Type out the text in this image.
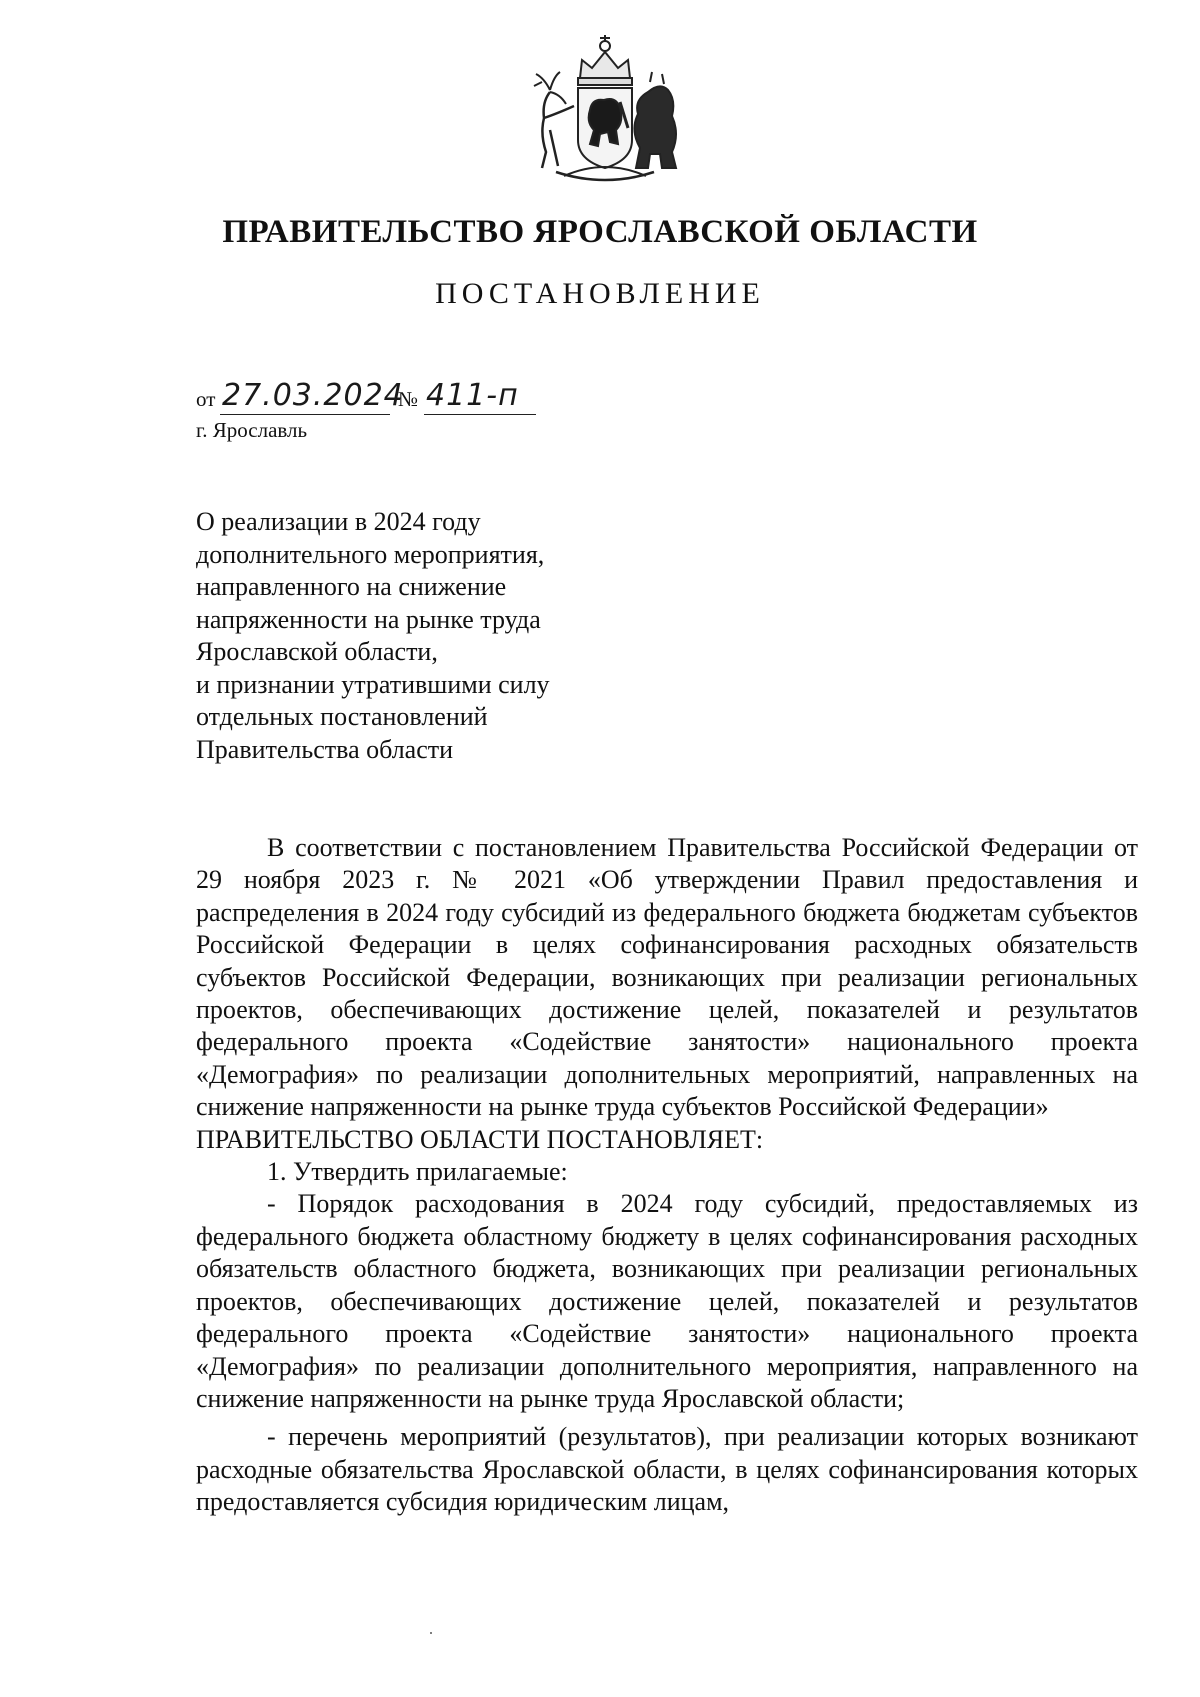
ПРАВИТЕЛЬСТВО ЯРОСЛАВСКОЙ ОБЛАСТИ
ПОСТАНОВЛЕНИЕ
от 27.03.2024
№ 411-п
г. Ярославль
О реализации в 2024 году
дополнительного мероприятия,
направленного на снижение
напряженности на рынке труда
Ярославской области,
и признании утратившими силу
отдельных постановлений
Правительства области

В соответствии с постановлением Правительства Российской Федерации от 29 ноября 2023 г. № 2021 «Об утверждении Правил предоставления и распределения в 2024 году субсидий из федерального бюджета бюджетам субъектов Российской Федерации в целях софинансирования расходных обязательств субъектов Российской Федерации, возникающих при реализации региональных проектов, обеспечивающих достижение целей, показателей и результатов федерального проекта «Содействие занятости» национального проекта «Демография» по реализации дополнительных мероприятий, направленных на снижение напряженности на рынке труда субъектов Российской Федерации»

ПРАВИТЕЛЬСТВО ОБЛАСТИ ПОСТАНОВЛЯЕТ:

1. Утвердить прилагаемые:

- Порядок расходования в 2024 году субсидий, предоставляемых из федерального бюджета областному бюджету в целях софинансирования расходных обязательств областного бюджета, возникающих при реализации региональных проектов, обеспечивающих достижение целей, показателей и результатов федерального проекта «Содействие занятости» национального проекта «Демография» по реализации дополнительного мероприятия, направленного на снижение напряженности на рынке труда Ярославской области;

- перечень мероприятий (результатов), при реализации которых возникают расходные обязательства Ярославской области, в целях софинансирования которых предоставляется субсидия юридическим лицам,
